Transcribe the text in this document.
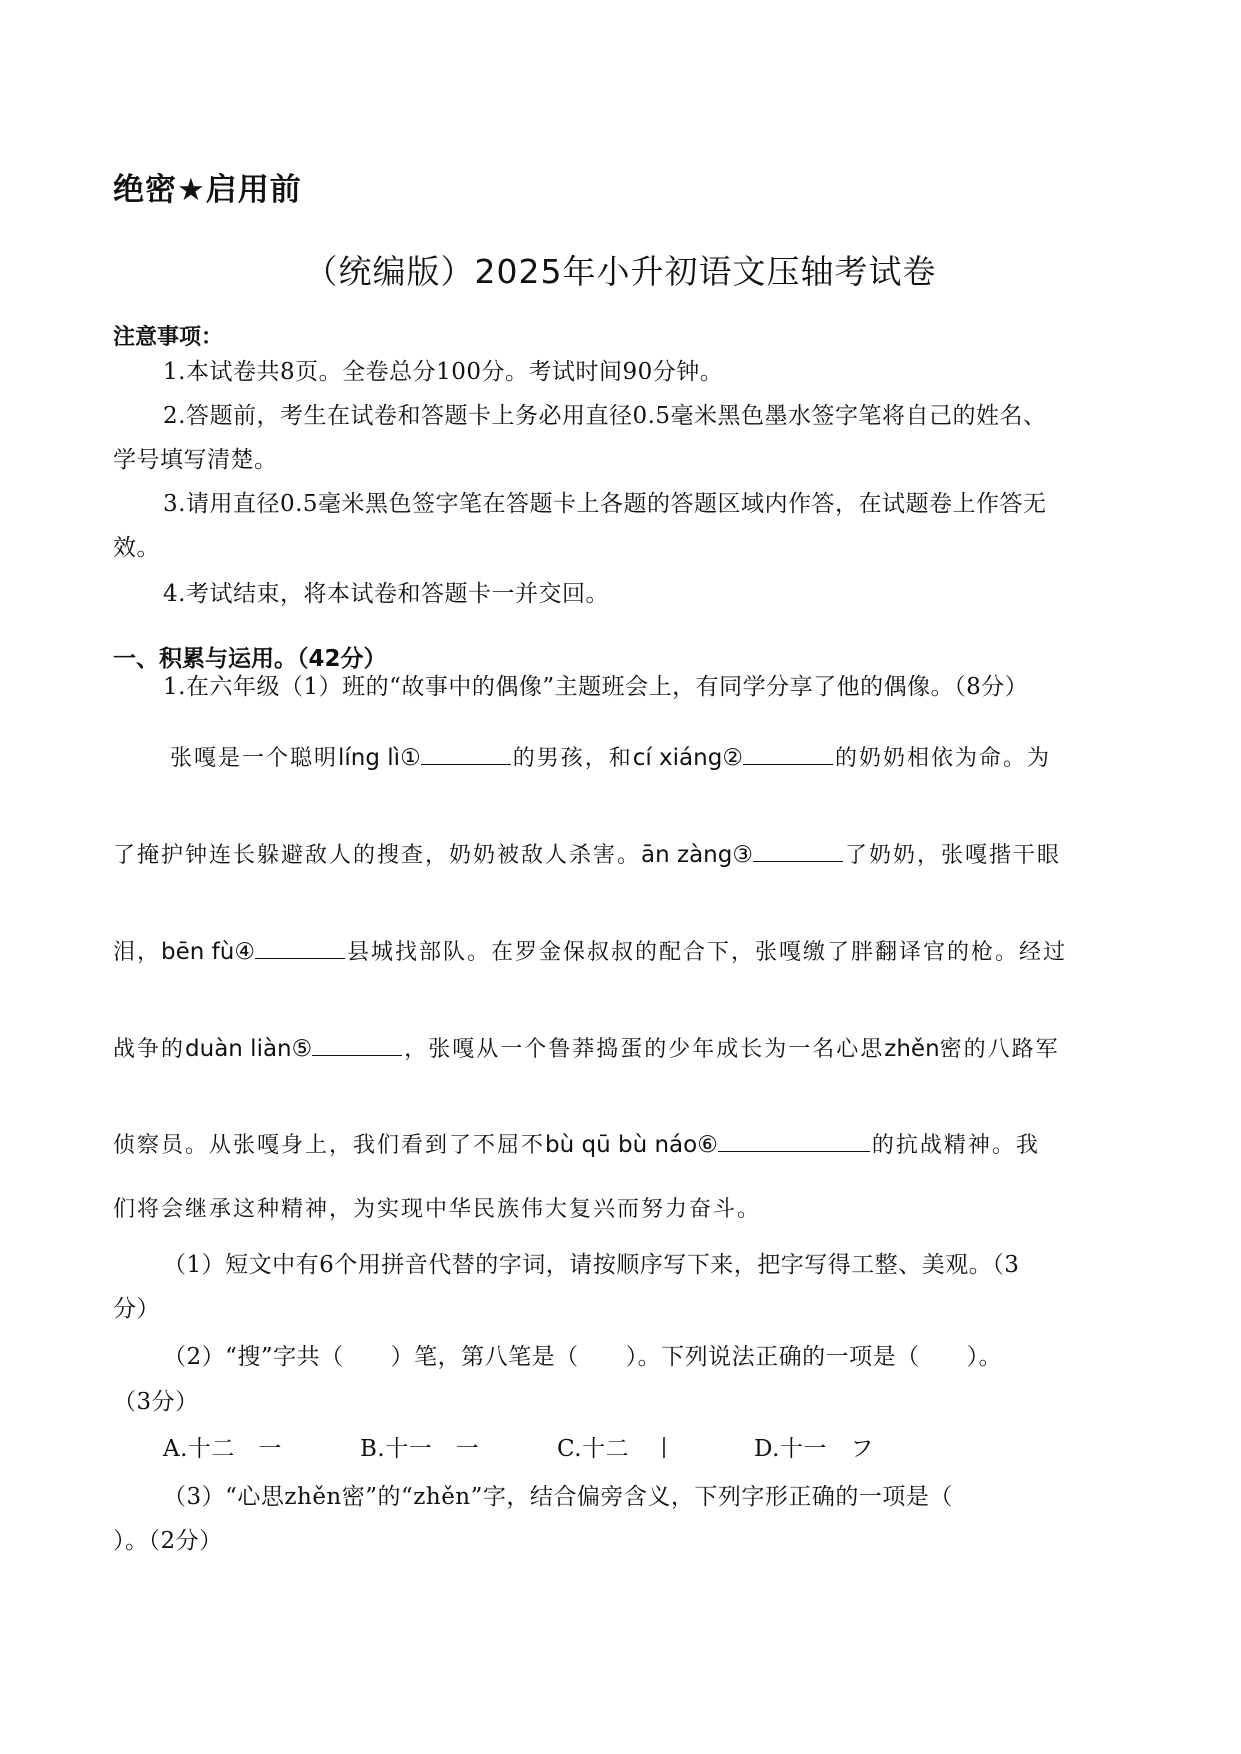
绝密★启用前
（统编版）2025年小升初语文压轴考试卷
注意事项：
1.本试卷共8页。全卷总分100分。考试时间90分钟。
2.答题前，考生在试卷和答题卡上务必用直径0.5毫米黑色墨水签字笔将自己的姓名、
学号填写清楚。
3.请用直径0.5毫米黑色签字笔在答题卡上各题的答题区域内作答，在试题卷上作答无
效。
4.考试结束，将本试卷和答题卡一并交回。
一、积累与运用。（42分）
1.在六年级（1）班的“故事中的偶像”主题班会上，有同学分享了他的偶像。（8分）
张嘎是一个聪明líng lì①	的男孩，和cí xiáng②	的奶奶相依为命。为
了掩护钟连长躲避敌人的搜查，奶奶被敌人杀害。ān zàng③	了奶奶，张嘎揩干眼
泪，bēn fù④	县城找部队。在罗金保叔叔的配合下，张嘎缴了胖翻译官的枪。经过
战争的duàn liàn⑤	，张嘎从一个鲁莽捣蛋的少年成长为一名心思zhěn密的八路军
侦察员。从张嘎身上，我们看到了不屈不bù qū bù náo⑥	的抗战精神。我
们将会继承这种精神，为实现中华民族伟大复兴而努力奋斗。
（1）短文中有6个用拼音代替的字词，请按顺序写下来，把字写得工整、美观。（3
分）
（2）“搜”字共（　　）笔，第八笔是（　　）。下列说法正确的一项是（　　）。
（3分）
A.十二　一	B.十一　一	C.十二　丨	D.十一　フ
（3）“心思zhěn密”的“zhěn”字，结合偏旁含义，下列字形正确的一项是（
）。（2分）
